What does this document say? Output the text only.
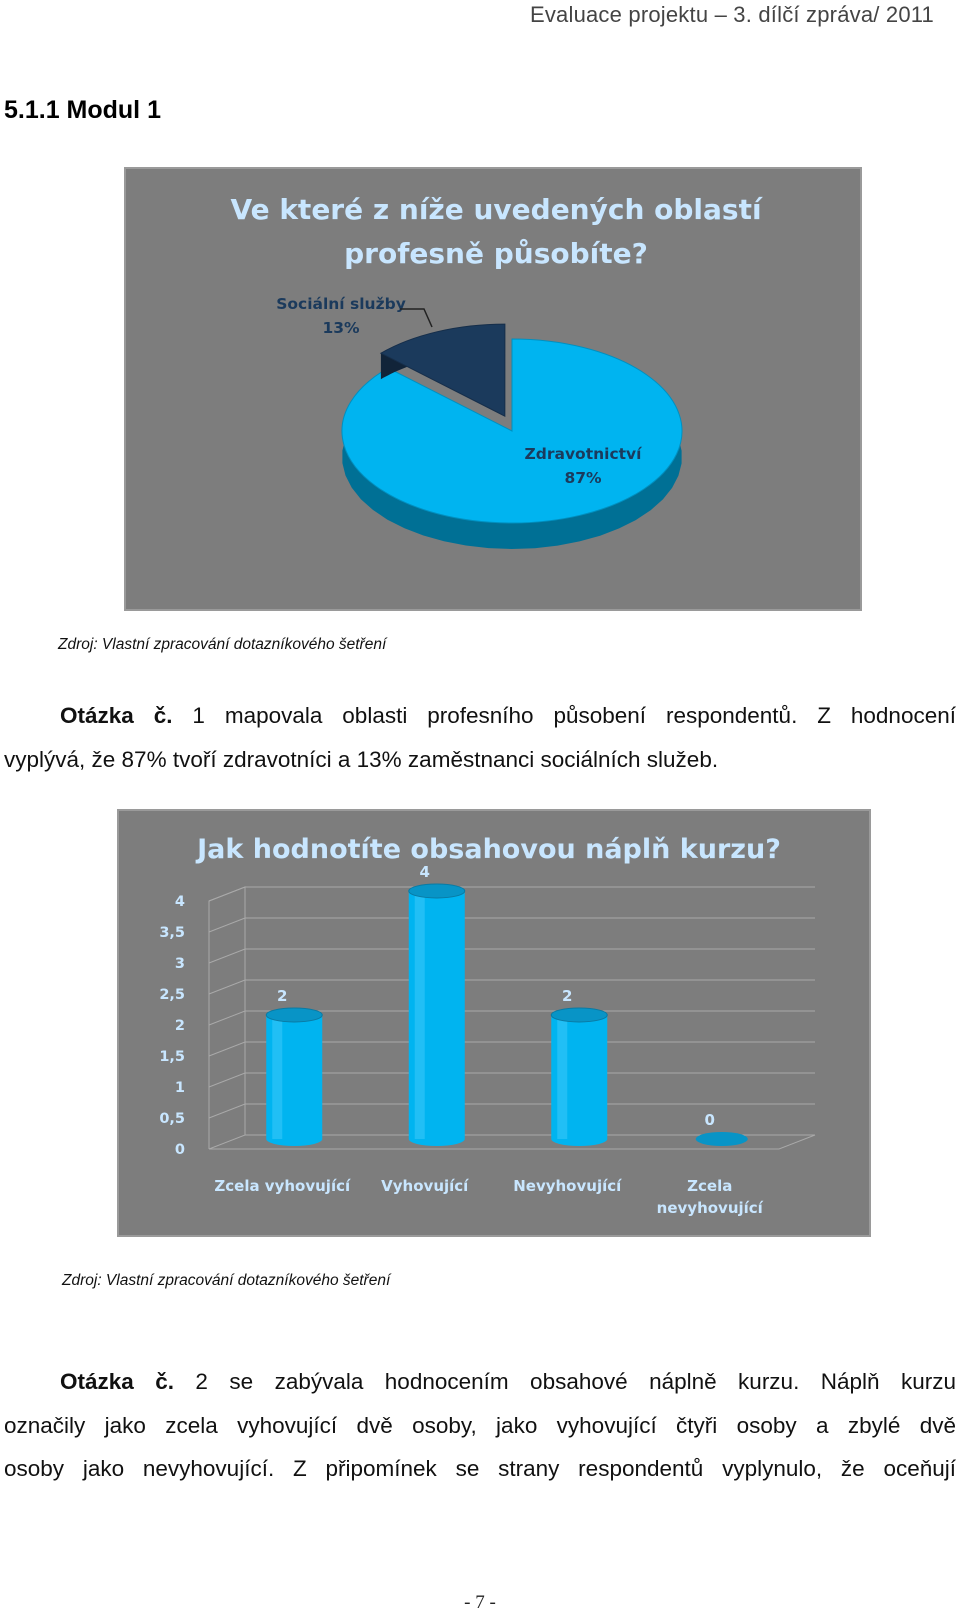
Evaluace projektu – 3. dílčí zpráva/ 2011
5.1.1 Modul 1
Ve které z níže uvedených oblastí
profesně působíte?
Sociální služby
13%
Zdravotnictví
87%
Zdroj: Vlastní zpracování dotazníkového šetření
Otázka č. 1 mapovala oblasti profesního působení respondentů. Z hodnocení
vyplývá, že 87% tvoří zdravotníci a 13% zaměstnanci sociálních služeb.
Jak hodnotíte obsahovou náplň kurzu?
0
0,5
1
1,5
2
2,5
3
3,5
4
2
4
2
0
Zcela vyhovující Vyhovující	Nevyhovující	Zcela
nevyhovující
Zdroj: Vlastní zpracování dotazníkového šetření
Otázka č. 2 se zabývala hodnocením obsahové náplně kurzu. Náplň kurzu
označily jako zcela vyhovující dvě osoby, jako vyhovující čtyři osoby a zbylé dvě
osoby jako nevyhovující. Z připomínek se strany respondentů vyplynulo, že oceňují
- 7 -
